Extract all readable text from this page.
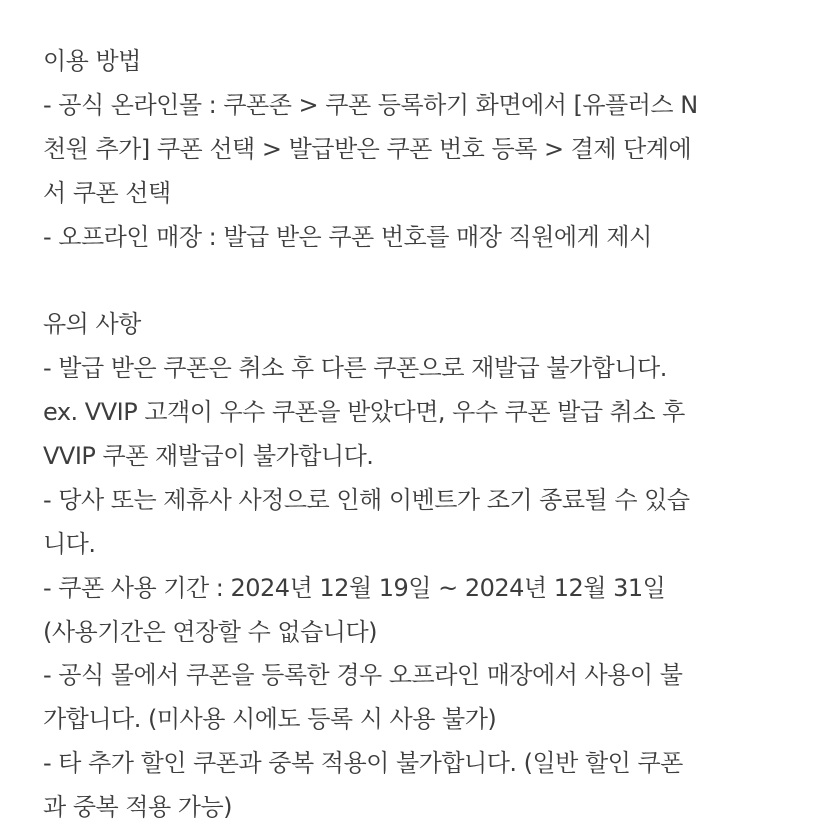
이용 방법
- 공식 온라인몰 : 쿠폰존 > 쿠폰 등록하기 화면에서 [유플러스 N
천원 추가] 쿠폰 선택 > 발급받은 쿠폰 번호 등록 > 결제 단계에
서 쿠폰 선택
- 오프라인 매장 : 발급 받은 쿠폰 번호를 매장 직원에게 제시
유의 사항
- 발급 받은 쿠폰은 취소 후 다른 쿠폰으로 재발급 불가합니다.
ex. VVIP 고객이 우수 쿠폰을 받았다면, 우수 쿠폰 발급 취소 후
VVIP 쿠폰 재발급이 불가합니다.
- 당사 또는 제휴사 사정으로 인해 이벤트가 조기 종료될 수 있습
니다.
- 쿠폰 사용 기간 : 2024년 12월 19일 ~ 2024년 12월 31일
(사용기간은 연장할 수 없습니다)
- 공식 몰에서 쿠폰을 등록한 경우 오프라인 매장에서 사용이 불
가합니다. (미사용 시에도 등록 시 사용 불가)
- 타 추가 할인 쿠폰과 중복 적용이 불가합니다. (일반 할인 쿠폰
과 중복 적용 가능)
